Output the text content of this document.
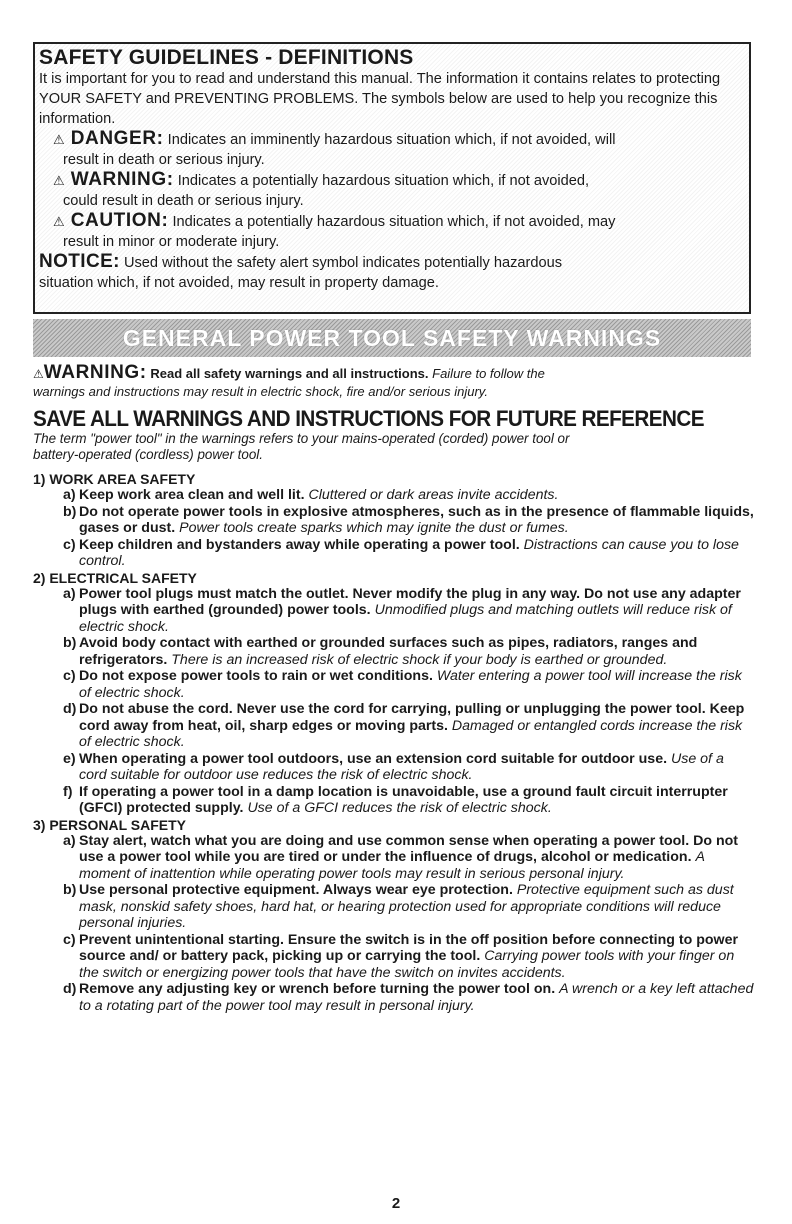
SAFETY GUIDELINES - DEFINITIONS

It is important for you to read and understand this manual. The information it contains relates to protecting YOUR SAFETY and PREVENTING PROBLEMS. The symbols below are used to help you recognize this information.

⚠ DANGER: Indicates an imminently hazardous situation which, if not avoided, will
result in death or serious injury.
⚠ WARNING: Indicates a potentially hazardous situation which, if not avoided,
could result in death or serious injury.
⚠ CAUTION: Indicates a potentially hazardous situation which, if not avoided, may
result in minor or moderate injury.

NOTICE: Used without the safety alert symbol indicates potentially hazardous
situation which, if not avoided, may result in property damage.

GENERAL POWER TOOL SAFETY WARNINGS
⚠WARNING: Read all safety warnings and all instructions. Failure to follow the
warnings and instructions may result in electric shock, fire and/or serious injury.
SAVE ALL WARNINGS AND INSTRUCTIONS FOR FUTURE REFERENCE
The term "power tool" in the warnings refers to your mains-operated (corded) power tool or
battery-operated (cordless) power tool.
1) WORK AREA SAFETY
a) Keep work area clean and well lit. Cluttered or dark areas invite accidents.
b) Do not operate power tools in explosive atmospheres, such as in the presence of flammable liquids, gases or dust. Power tools create sparks which may ignite the dust or fumes.
c) Keep children and bystanders away while operating a power tool. Distractions can cause you to lose control.
2) ELECTRICAL SAFETY
a) Power tool plugs must match the outlet. Never modify the plug in any way. Do not use any adapter plugs with earthed (grounded) power tools. Unmodified plugs and matching outlets will reduce risk of electric shock.
b) Avoid body contact with earthed or grounded surfaces such as pipes, radiators, ranges and refrigerators. There is an increased risk of electric shock if your body is earthed or grounded.
c) Do not expose power tools to rain or wet conditions. Water entering a power tool will increase the risk of electric shock.
d) Do not abuse the cord. Never use the cord for carrying, pulling or unplugging the power tool. Keep cord away from heat, oil, sharp edges or moving parts. Damaged or entangled cords increase the risk of electric shock.
e) When operating a power tool outdoors, use an extension cord suitable for outdoor use. Use of a cord suitable for outdoor use reduces the risk of electric shock.
f) If operating a power tool in a damp location is unavoidable, use a ground fault circuit interrupter (GFCI) protected supply. Use of a GFCI reduces the risk of electric shock.
3) PERSONAL SAFETY
a) Stay alert, watch what you are doing and use common sense when operating a power tool. Do not use a power tool while you are tired or under the influence of drugs, alcohol or medication. A moment of inattention while operating power tools may result in serious personal injury.
b) Use personal protective equipment. Always wear eye protection. Protective equipment such as dust mask, nonskid safety shoes, hard hat, or hearing protection used for appropriate conditions will reduce personal injuries.
c) Prevent unintentional starting. Ensure the switch is in the off position before connecting to power source and/ or battery pack, picking up or carrying the tool. Carrying power tools with your finger on the switch or energizing power tools that have the switch on invites accidents.
d) Remove any adjusting key or wrench before turning the power tool on. A wrench or a key left attached to a rotating part of the power tool may result in personal injury.
2
